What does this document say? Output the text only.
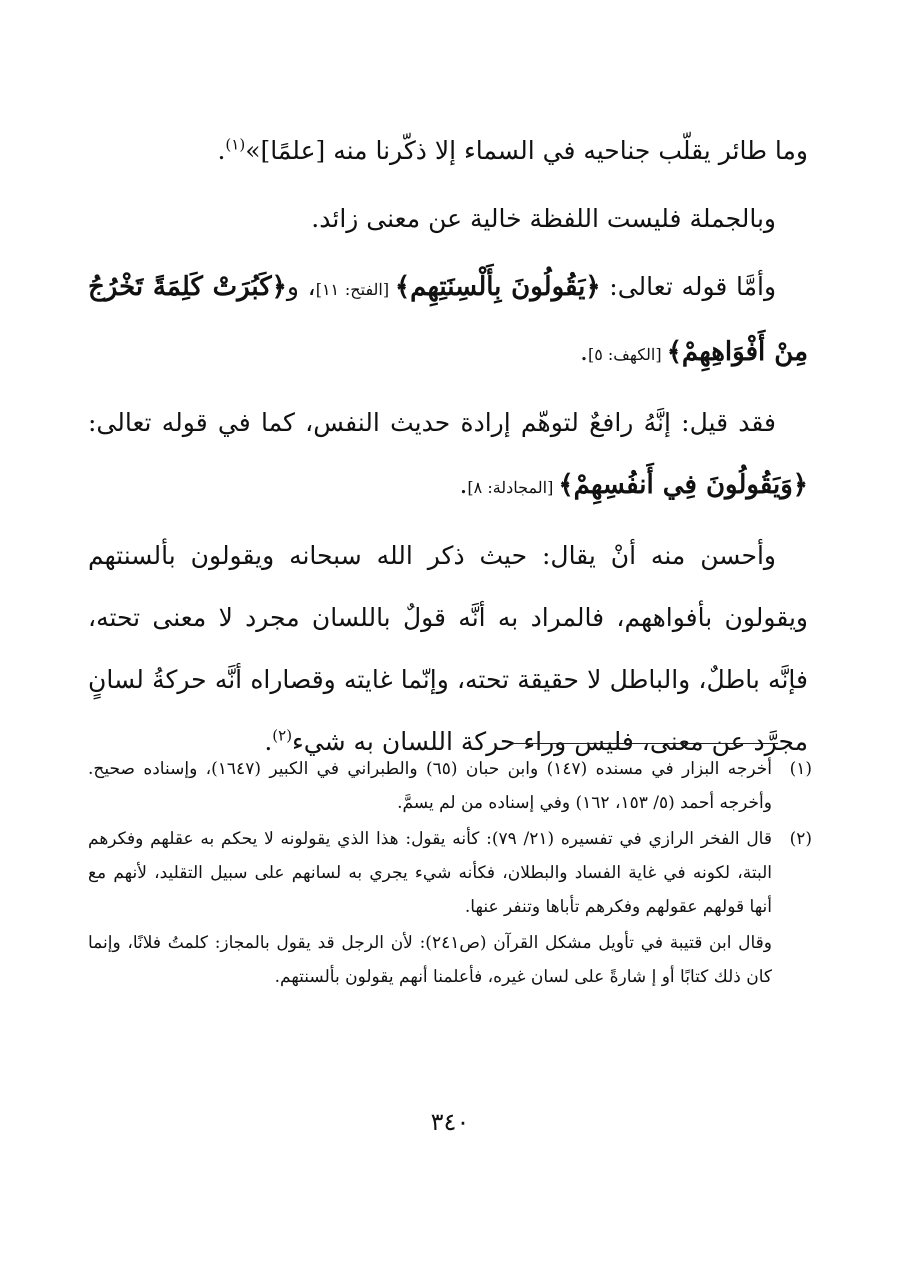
وما طائر يقلّب جناحيه في السماء إلا ذكّرنا منه [علمًا]»$^{(١)}$.

وبالجملة فليست اللفظة خالية عن معنى زائد.

وأمَّا قوله تعالى: ﴿يَقُولُونَ بِأَلْسِنَتِهِم﴾ [الفتح: ١١]، و﴿كَبُرَتْ كَلِمَةً تَخْرُجُ مِنْ أَفْوَاهِهِمْ﴾ [الكهف: ٥].

فقد قيل: إنَّهُ رافعٌ لتوهّم إرادة حديث النفس، كما في قوله تعالى: ﴿وَيَقُولُونَ فِي أَنفُسِهِمْ﴾ [المجادلة: ٨].

وأحسن منه أنْ يقال: حيث ذكر الله سبحانه ويقولون بألسنتهم ويقولون بأفواههم، فالمراد به أنَّه قولٌ باللسان مجرد لا معنى تحته، فإنَّه باطلٌ، والباطل لا حقيقة تحته، وإنّما غايته وقصاراه أنَّه حركةُ لسانٍ مجرَّد عن معنى، فليس وراء حركة اللسان به شيء$^{(٢)}$.

(١)
أخرجه البزار في مسنده (١٤٧) وابن حبان (٦٥) والطبراني في الكبير (١٦٤٧)، وإسناده صحيح. وأخرجه أحمد (٥/ ١٥٣، ١٦٢) وفي إسناده من لم يسمَّ.
(٢)
قال الفخر الرازي في تفسيره (٢١/ ٧٩): كأنه يقول: هذا الذي يقولونه لا يحكم به عقلهم وفكرهم البتة، لكونه في غاية الفساد والبطلان، فكأنه شيء يجري به لسانهم على سبيل التقليد، لأنهم مع أنها قولهم عقولهم وفكرهم تأباها وتنفر عنها.
وقال ابن قتيبة في تأويل مشكل القرآن (ص٢٤١): لأن الرجل قد يقول بالمجاز: كلمتُ فلانًا، وإنما كان ذلك كتابًا أو إ شارةً على لسان غيره، فأعلمنا أنهم يقولون بألسنتهم.
٣٤٠
